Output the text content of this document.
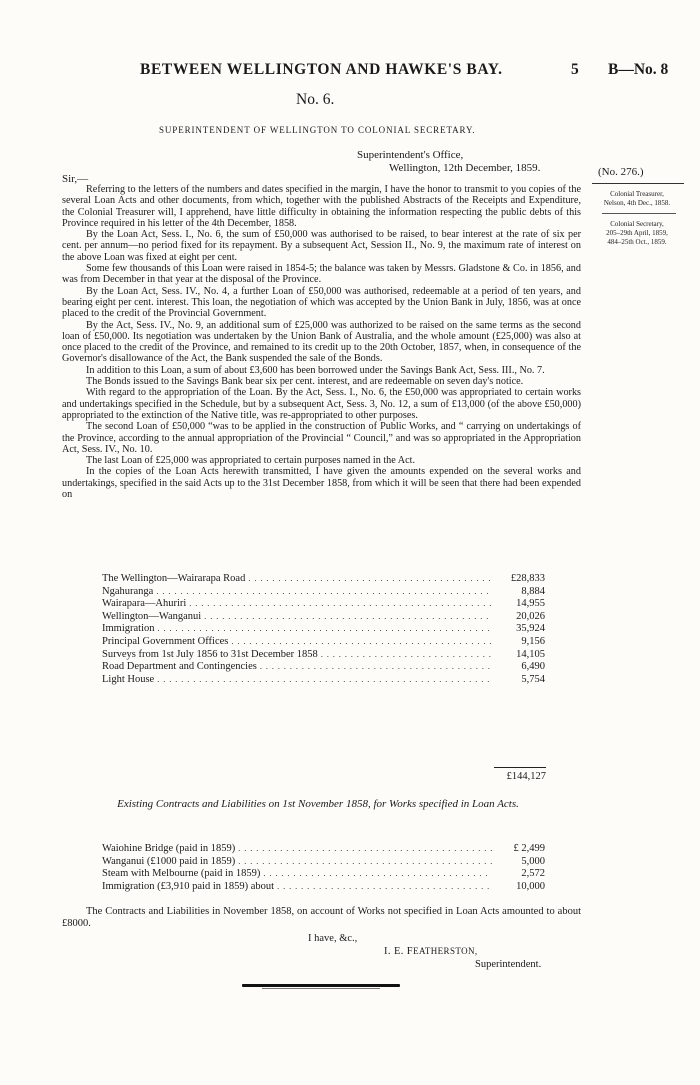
BETWEEN WELLINGTON AND HAWKE'S BAY.	5 B—No. 8
No. 6.
SUPERINTENDENT OF WELLINGTON TO COLONIAL SECRETARY.
Superintendent's Office,
Wellington, 12th December, 1859.	(No. 276.)
Colonial Treasurer,
Nelson, 4th Dec., 1858.
Colonial Secretary,
205–29th April, 1859,
484–25th Oct., 1859.
Sir,—

Referring to the letters of the numbers and dates specified in the margin, I have the honor to transmit to you copies of the several Loan Acts and other documents, from which, together with the published Abstracts of the Receipts and Expenditure, the Colonial Treasurer will, I apprehend, have little difficulty in obtaining the information respecting the public debts of this Province required in his letter of the 4th December, 1858.

By the Loan Act, Sess. I., No. 6, the sum of £50,000 was authorised to be raised, to bear interest at the rate of six per cent. per annum—no period fixed for its repayment. By a subsequent Act, Session II., No. 9, the maximum rate of interest on the above Loan was fixed at eight per cent.

Some few thousands of this Loan were raised in 1854-5; the balance was taken by Messrs. Gladstone & Co. in 1856, and was from December in that year at the disposal of the Province.

By the Loan Act, Sess. IV., No. 4, a further Loan of £50,000 was authorised, redeemable at a period of ten years, and bearing eight per cent. interest. This loan, the negotiation of which was accepted by the Union Bank in July, 1856, was at once placed to the credit of the Provincial Government.

By the Act, Sess. IV., No. 9, an additional sum of £25,000 was authorized to be raised on the same terms as the second loan of £50,000. Its negotiation was undertaken by the Union Bank of Australia, and the whole amount (£25,000) was also at once placed to the credit of the Province, and remained to its credit up to the 20th October, 1857, when, in consequence of the Governor's disallowance of the Act, the Bank suspended the sale of the Bonds.

In addition to this Loan, a sum of about £3,600 has been borrowed under the Savings Bank Act, Sess. III., No. 7.

The Bonds issued to the Savings Bank bear six per cent. interest, and are redeemable on seven day's notice.

With regard to the appropriation of the Loan. By the Act, Sess. I., No. 6, the £50,000 was appropriated to certain works and undertakings specified in the Schedule, but by a subsequent Act, Sess. 3, No. 12, a sum of £13,000 (of the above £50,000) appropriated to the extinction of the Native title, was re-appropriated to other purposes.

The second Loan of £50,000 “was to be applied in the construction of Public Works, and “ carrying on undertakings of the Province, according to the annual appropriation of the Provincial “ Council,” and was so appropriated in the Appropriation Act, Sess. IV., No. 10.

The last Loan of £25,000 was appropriated to certain purposes named in the Act.

In the copies of the Loan Acts herewith transmitted, I have given the amounts expended on the several works and undertakings, specified in the said Acts up to the 31st December 1858, from which it will be seen that there had been expended on

The Wellington—Wairarapa Road . . .	£28,833
Ngahuranga . . .	8,884
Wairapara—Ahuriri . . .	14,955
Wellington—Wanganui . . .	20,026
Immigration . . .	35,924
Principal Government Offices . . .	9,156
Surveys from 1st July 1856 to 31st December 1858 . . .	14,105
Road Department and Contingencies . . .	6,490
Light House . . .	5,754
£144,127
Existing Contracts and Liabilities on 1st November 1858, for Works specified in Loan Acts.
Waiohine Bridge (paid in 1859) . . .	£ 2,499
Wanganui (£1000 paid in 1859) . . .	5,000
Steam with Melbourne (paid in 1859) . . .	2,572
Immigration (£3,910 paid in 1859) about . . .	10,000
The Contracts and Liabilities in November 1858, on account of Works not specified in Loan Acts amounted to about £8000.
I have, &c.,
I. E. FEATHERSTON,
Superintendent.
